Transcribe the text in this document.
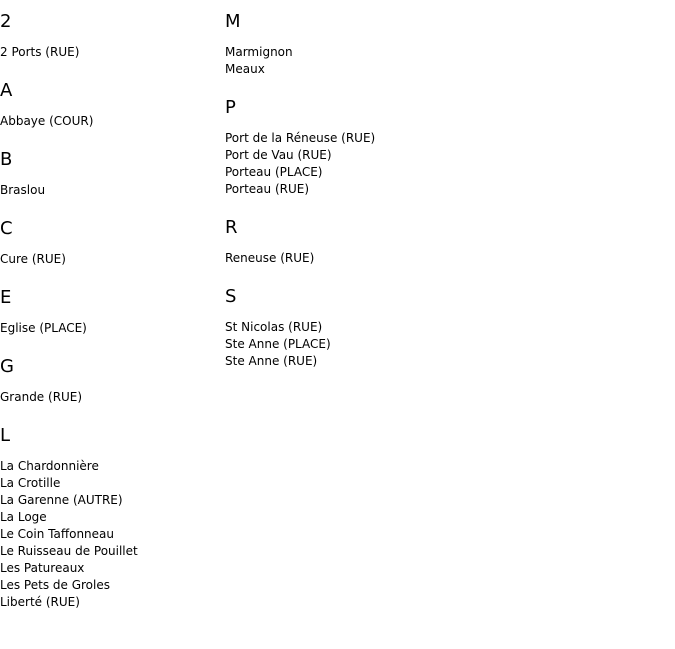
2
2 Ports (RUE)
A
Abbaye (COUR)
B
Braslou
C
Cure (RUE)
E
Eglise (PLACE)
G
Grande (RUE)
L
La Chardonnière
La Crotille
La Garenne (AUTRE)
La Loge
Le Coin Taffonneau
Le Ruisseau de Pouillet
Les Patureaux
Les Pets de Groles
Liberté (RUE)
M
Marmignon
Meaux
P
Port de la Réneuse (RUE)
Port de Vau (RUE)
Porteau (PLACE)
Porteau (RUE)
R
Reneuse (RUE)
S
St Nicolas (RUE)
Ste Anne (PLACE)
Ste Anne (RUE)
